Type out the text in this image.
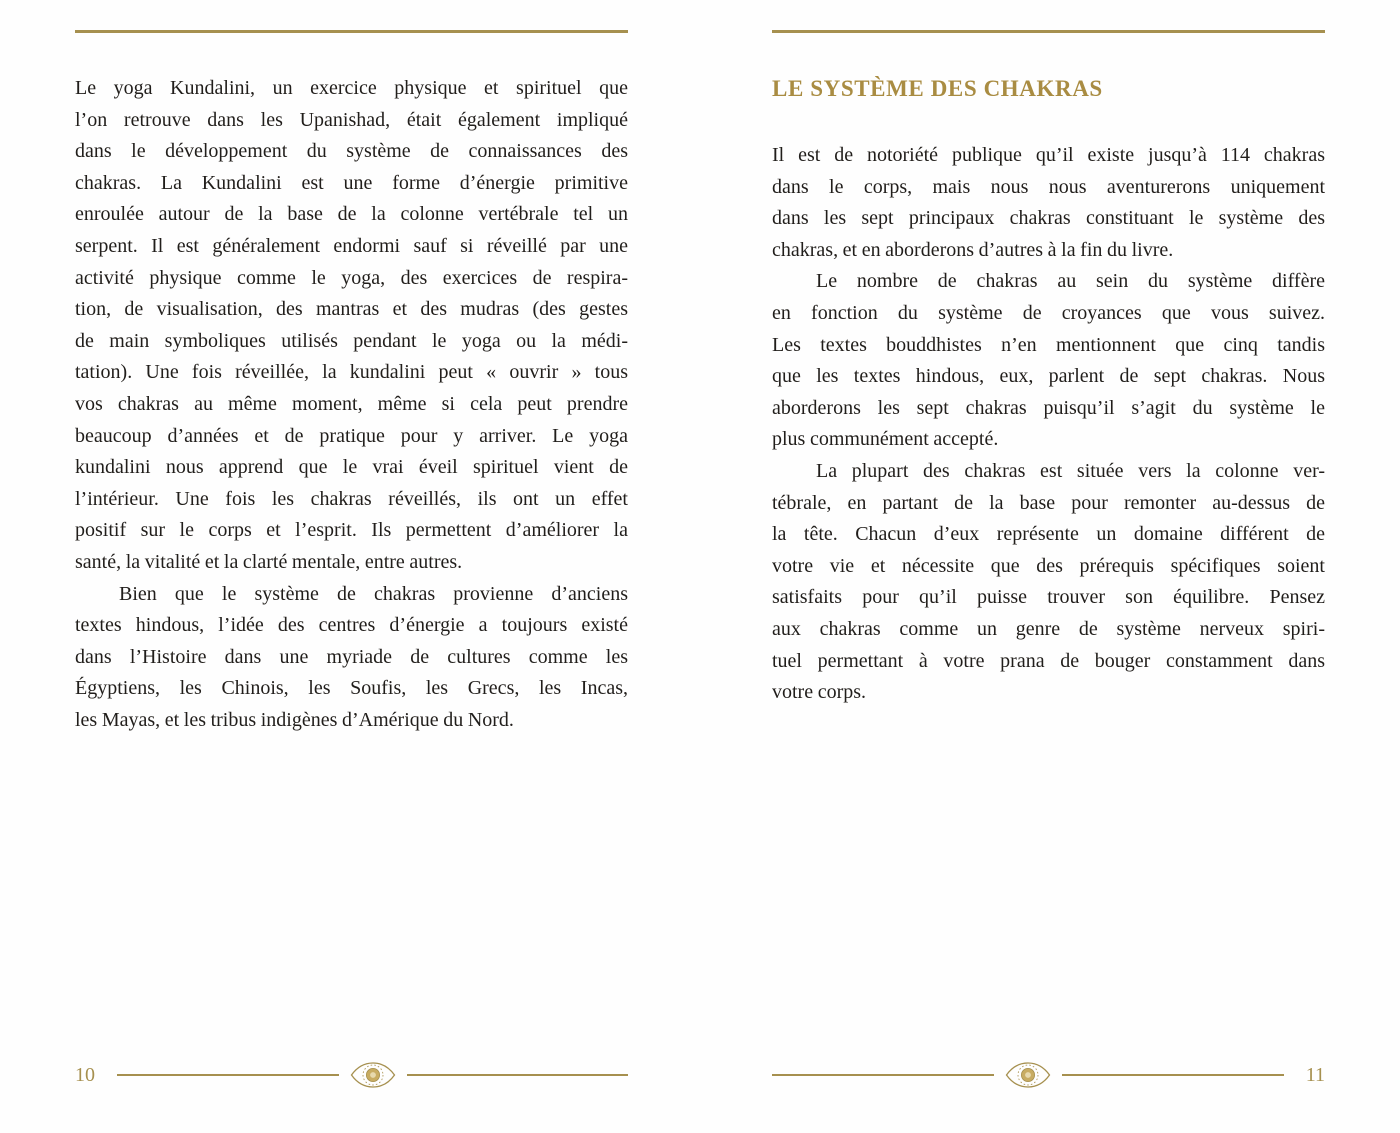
Le yoga Kundalini, un exercice physique et spirituel que
l’on retrouve dans les Upanishad, était également impliqué
dans le développement du système de connaissances des
chakras. La Kundalini est une forme d’énergie primitive
enroulée autour de la base de la colonne vertébrale tel un
serpent. Il est généralement endormi sauf si réveillé par une
activité physique comme le yoga, des exercices de respira-
tion, de visualisation, des mantras et des mudras (des gestes
de main symboliques utilisés pendant le yoga ou la médi-
tation). Une fois réveillée, la kundalini peut « ouvrir » tous
vos chakras au même moment, même si cela peut prendre
beaucoup d’années et de pratique pour y arriver. Le yoga
kundalini nous apprend que le vrai éveil spirituel vient de
l’intérieur. Une fois les chakras réveillés, ils ont un effet
positif sur le corps et l’esprit. Ils permettent d’améliorer la
santé, la vitalité et la clarté mentale, entre autres.
Bien que le système de chakras provienne d’anciens
textes hindous, l’idée des centres d’énergie a toujours existé
dans l’Histoire dans une myriade de cultures comme les
Égyptiens, les Chinois, les Soufis, les Grecs, les Incas,
les Mayas, et les tribus indigènes d’Amérique du Nord.
10
LE SYSTÈME DES CHAKRAS
Il est de notoriété publique qu’il existe jusqu’à 114 chakras
dans le corps, mais nous nous aventurerons uniquement
dans les sept principaux chakras constituant le système des
chakras, et en aborderons d’autres à la fin du livre.
Le nombre de chakras au sein du système diffère
en fonction du système de croyances que vous suivez.
Les textes bouddhistes n’en mentionnent que cinq tandis
que les textes hindous, eux, parlent de sept chakras. Nous
aborderons les sept chakras puisqu’il s’agit du système le
plus communément accepté.
La plupart des chakras est située vers la colonne ver-
tébrale, en partant de la base pour remonter au-dessus de
la tête. Chacun d’eux représente un domaine différent de
votre vie et nécessite que des prérequis spécifiques soient
satisfaits pour qu’il puisse trouver son équilibre. Pensez
aux chakras comme un genre de système nerveux spiri-
tuel permettant à votre prana de bouger constamment dans
votre corps.
11
